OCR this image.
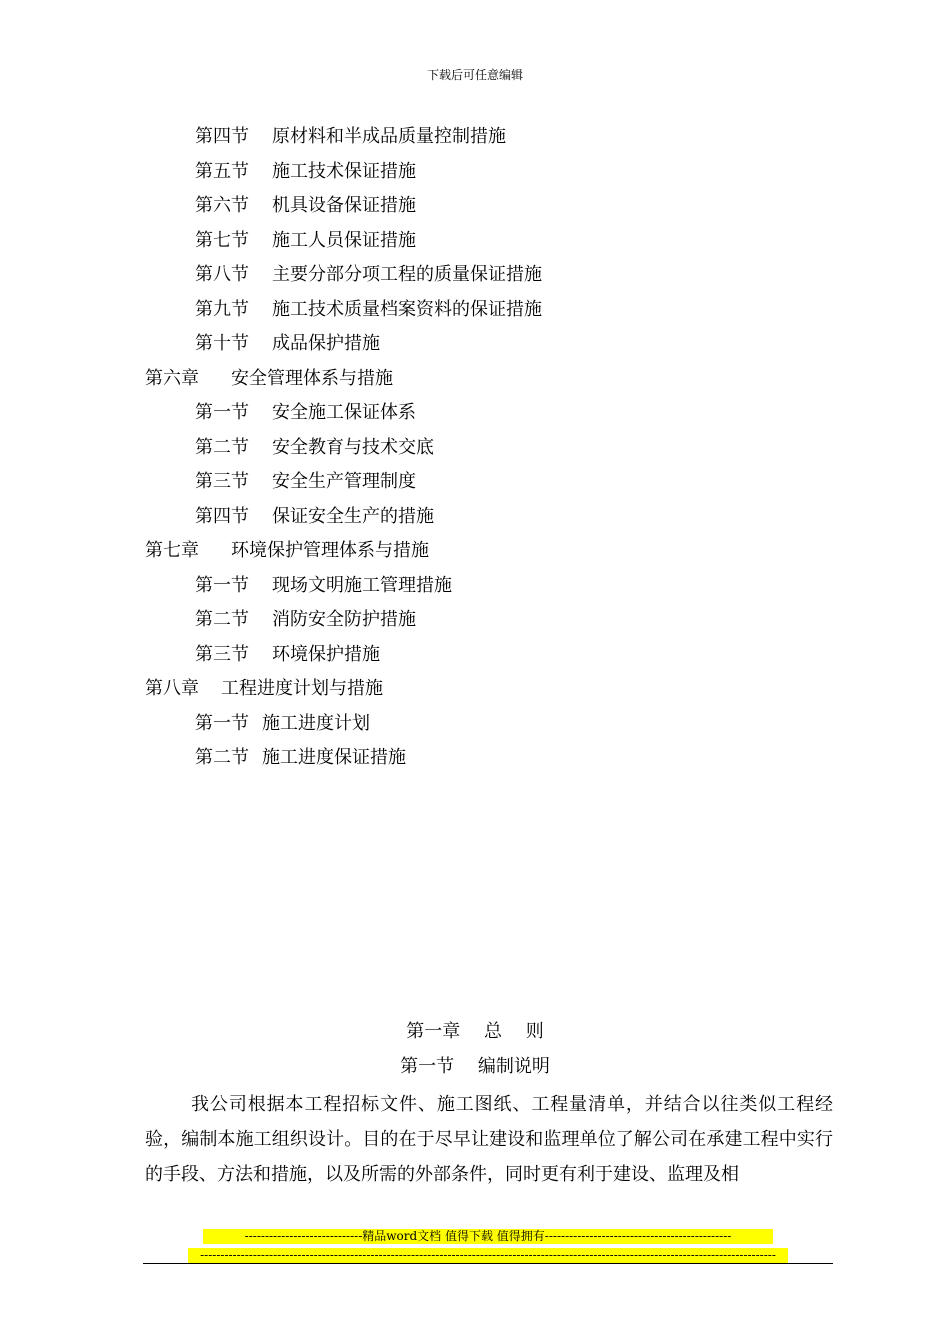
下载后可任意编辑
第四节 原材料和半成品质量控制措施
第五节 施工技术保证措施
第六节 机具设备保证措施
第七节 施工人员保证措施
第八节 主要分部分项工程的质量保证措施
第九节 施工技术质量档案资料的保证措施
第十节 成品保护措施
第六章 安全管理体系与措施
第一节 安全施工保证体系
第二节 安全教育与技术交底
第三节 安全生产管理制度
第四节 保证安全生产的措施
第七章 环境保护管理体系与措施
第一节 现场文明施工管理措施
第二节 消防安全防护措施
第三节 环境保护措施
第八章 工程进度计划与措施
第一节 施工进度计划
第二节 施工进度保证措施
第一章　 总　 则
第一节　 编制说明
我公司根据本工程招标文件、施工图纸、工程量清单，并结合以往类似工程经验，编制本施工组织设计。目的在于尽早让建设和监理单位了解公司在承建工程中实行的手段、方法和措施，以及所需的外部条件，同时更有利于建设、监理及相
-----------------------------精品word文档 值得下载 值得拥有----------------------------------------------
----------------------------------------------------------------------------------------------------------------------------------------------
